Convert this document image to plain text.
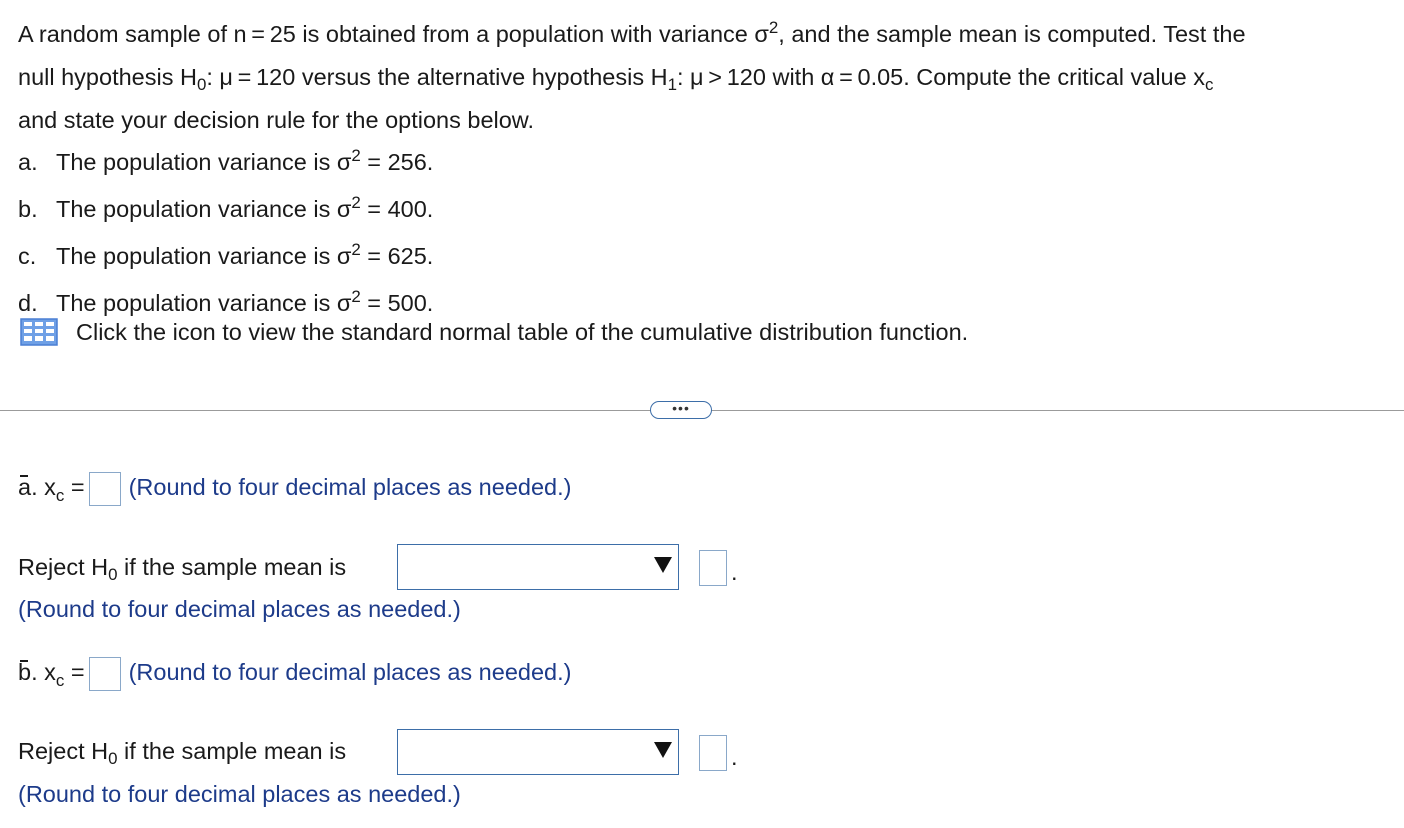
A random sample of n = 25 is obtained from a population with variance $\sigma^2$, and the sample mean is computed. Test the
null hypothesis $H_0$: μ = 120 versus the alternative hypothesis $H_1$: μ > 120 with α = 0.05. Compute the critical value $x_c$
and state your decision rule for the options below.
a. The population variance is $\sigma^2 = 256$.
b. The population variance is $\sigma^2 = 400$.
c. The population variance is $\sigma^2 = 625$.
d. The population variance is $\sigma^2 = 500$.
Click the icon to view the standard normal table of the cumulative distribution function.
•••
a. $x_c$ = (Round to four decimal places as needed.)
Reject $H_0$ if the sample mean is	.
(Round to four decimal places as needed.)
b. $x_c$ = (Round to four decimal places as needed.)
Reject $H_0$ if the sample mean is	.
(Round to four decimal places as needed.)
